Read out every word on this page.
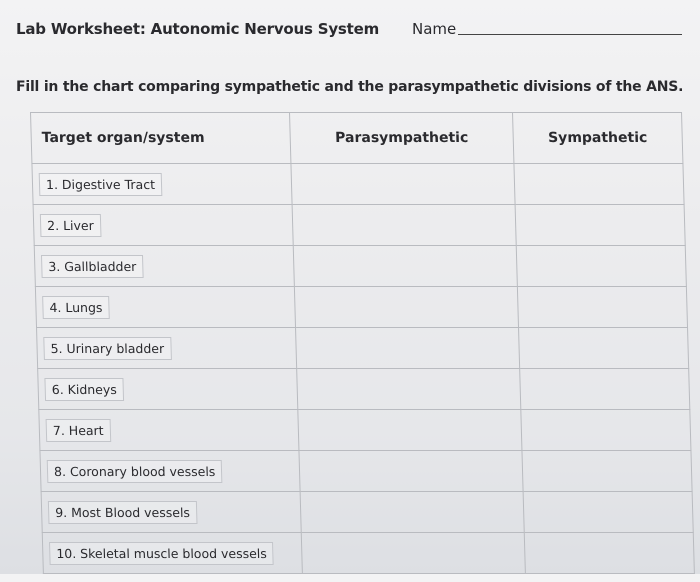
Lab Worksheet: Autonomic Nervous System Name
Fill in the chart comparing sympathetic and the parasympathetic divisions of the ANS.
Target organ/system	Parasympathetic	Sympathetic
1. Digestive Tract		
2. Liver		
3. Gallbladder		
4. Lungs		
5. Urinary bladder		
6. Kidneys		
7. Heart		
8. Coronary blood vessels		
9. Most Blood vessels		
10. Skeletal muscle blood vessels		
